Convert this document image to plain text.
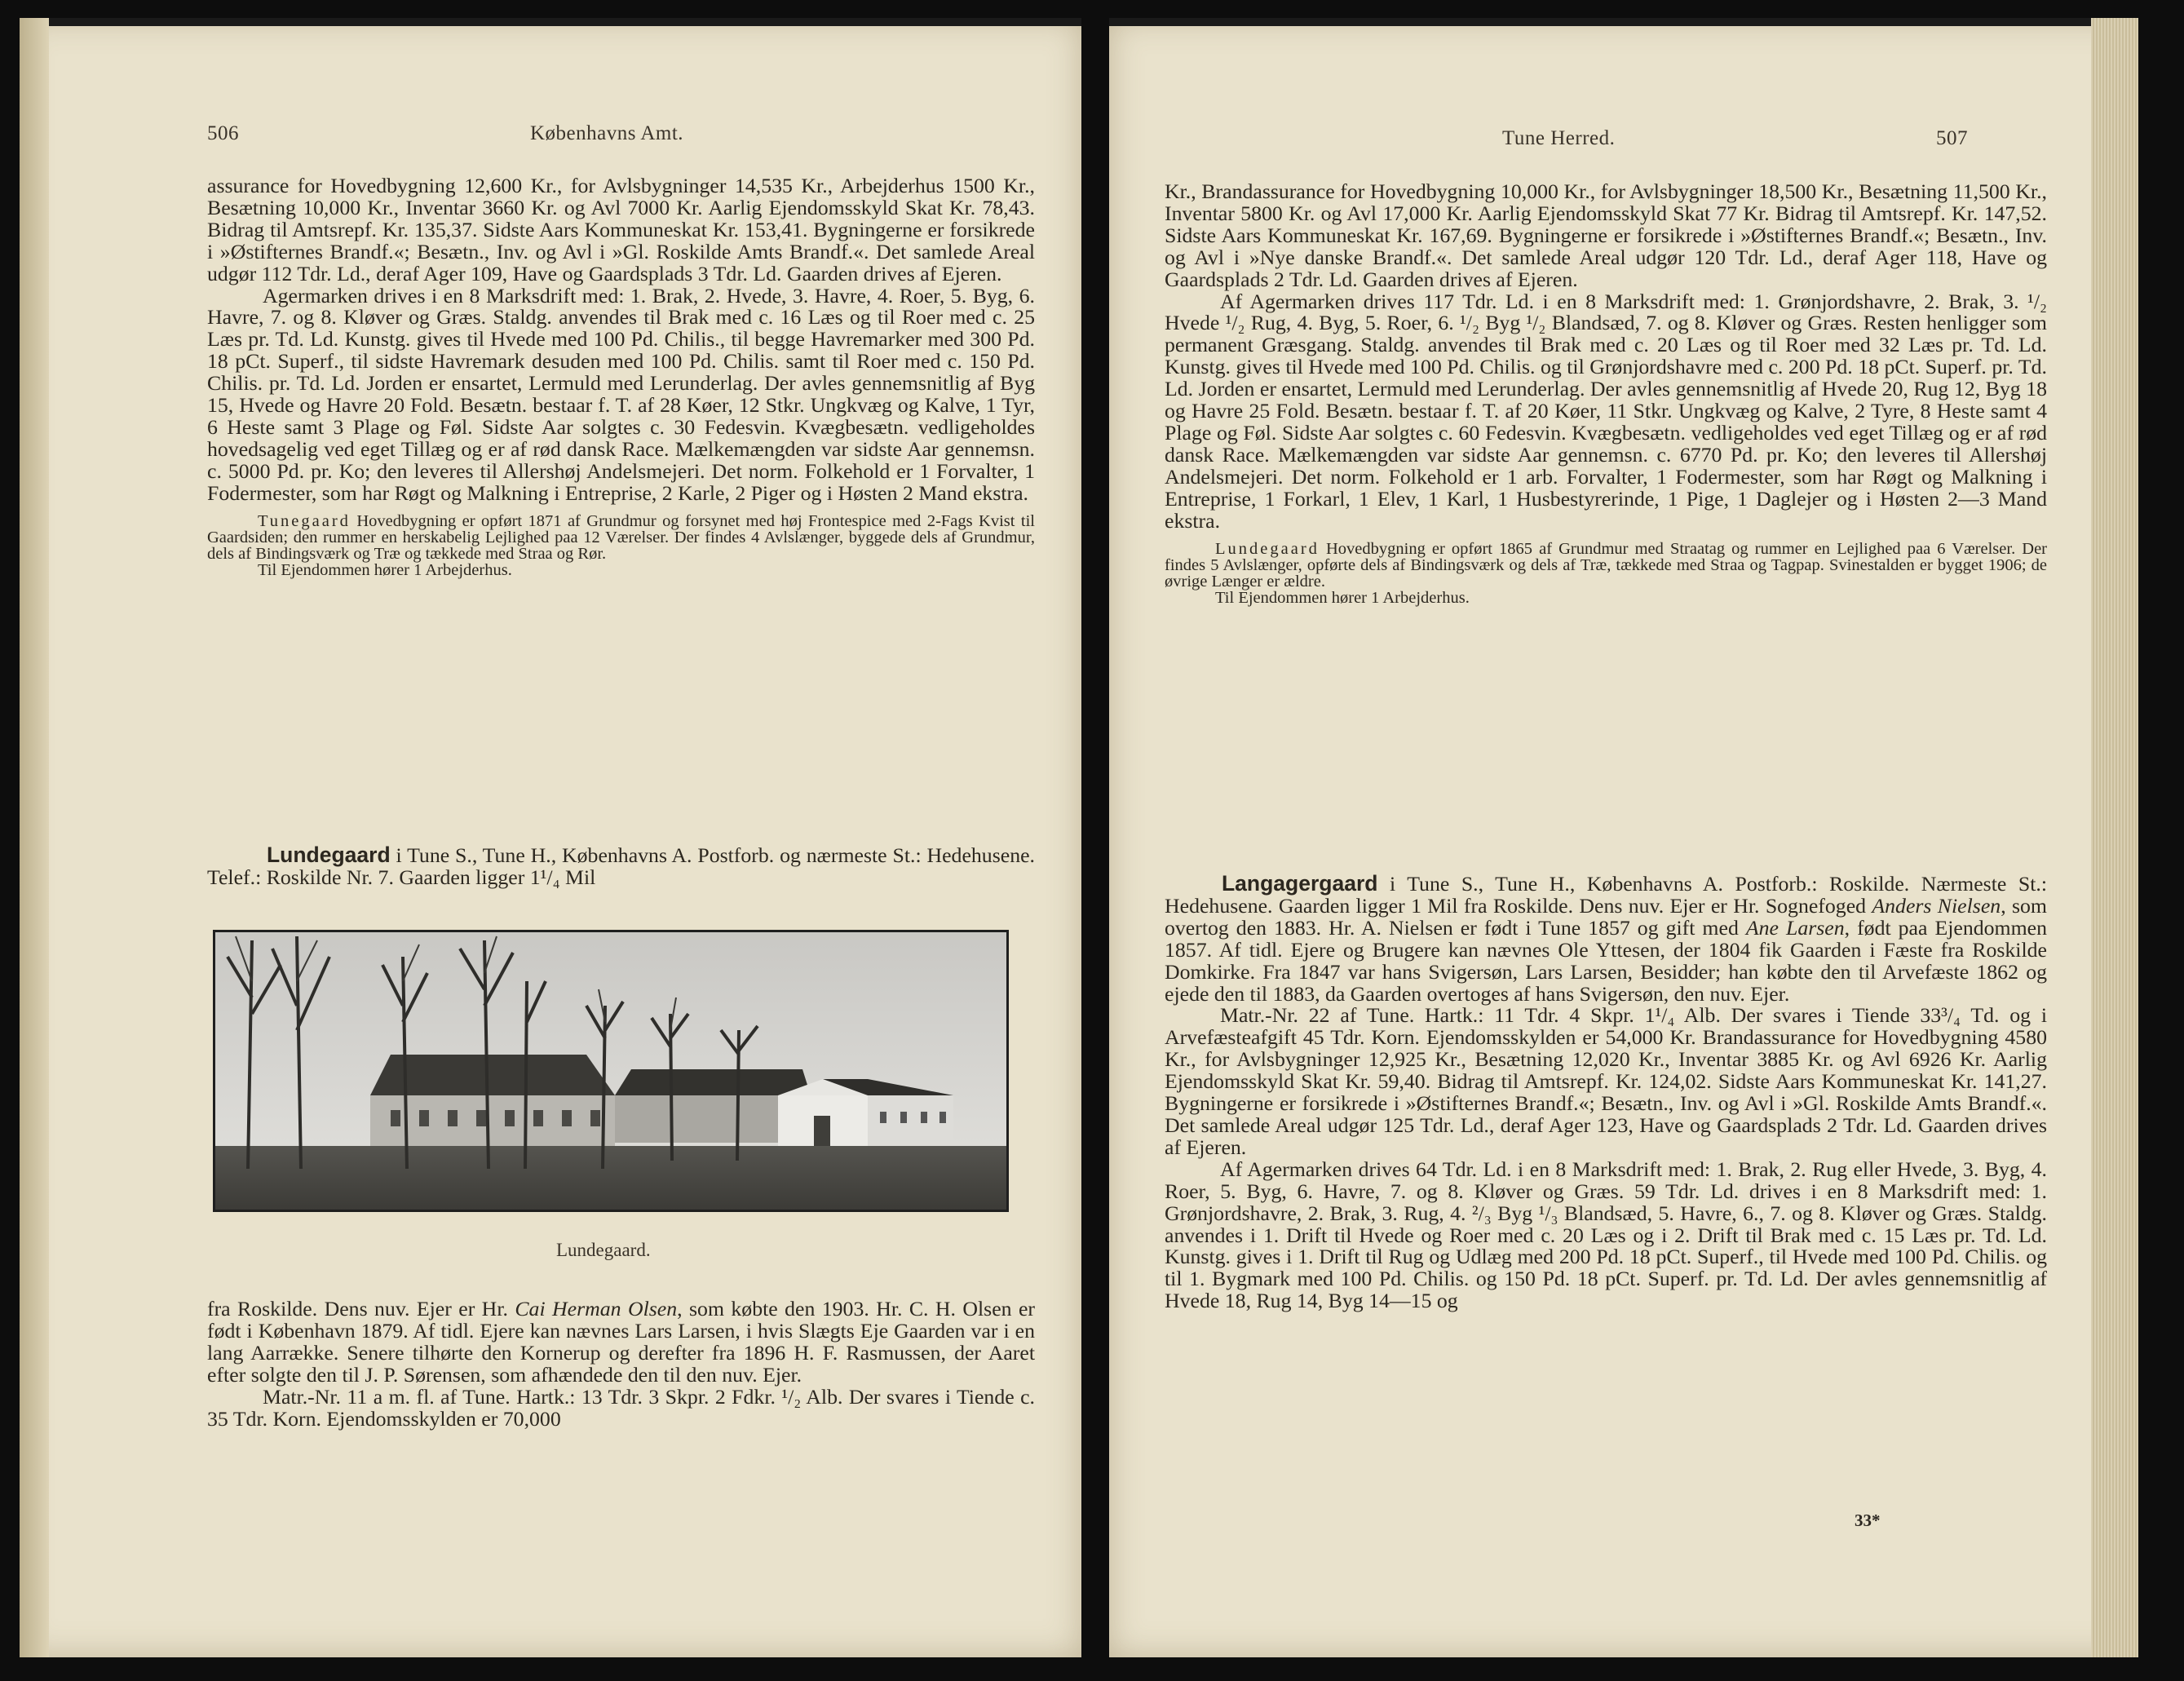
506	Københavns Amt.

assurance for Hovedbygning 12,600 Kr., for Avlsbygninger 14,535 Kr., Arbejderhus 1500 Kr., Besætning 10,000 Kr., Inventar 3660 Kr. og Avl 7000 Kr. Aarlig Ejendomsskyld Skat Kr. 78,43. Bidrag til Amtsrepf. Kr. 135,37. Sidste Aars Kommuneskat Kr. 153,41. Bygningerne er forsikrede i »Østifternes Brandf.«; Besætn., Inv. og Avl i »Gl. Roskilde Amts Brandf.«. Det samlede Areal udgør 112 Tdr. Ld., deraf Ager 109, Have og Gaardsplads 3 Tdr. Ld. Gaarden drives af Ejeren.

Agermarken drives i en 8 Marksdrift med: 1. Brak, 2. Hvede, 3. Havre, 4. Roer, 5. Byg, 6. Havre, 7. og 8. Kløver og Græs. Staldg. anvendes til Brak med c. 16 Læs og til Roer med c. 25 Læs pr. Td. Ld. Kunstg. gives til Hvede med 100 Pd. Chilis., til begge Havremarker med 300 Pd. 18 pCt. Superf., til sidste Havremark desuden med 100 Pd. Chilis. samt til Roer med c. 150 Pd. Chilis. pr. Td. Ld. Jorden er ensartet, Lermuld med Lerunderlag. Der avles gennemsnitlig af Byg 15, Hvede og Havre 20 Fold. Besætn. bestaar f. T. af 28 Køer, 12 Stkr. Ungkvæg og Kalve, 1 Tyr, 6 Heste samt 3 Plage og Føl. Sidste Aar solgtes c. 30 Fedesvin. Kvægbesætn. vedligeholdes hovedsagelig ved eget Tillæg og er af rød dansk Race. Mælkemængden var sidste Aar gennemsn. c. 5000 Pd. pr. Ko; den leveres til Allershøj Andelsmejeri. Det norm. Folkehold er 1 Forvalter, 1 Fodermester, som har Røgt og Malkning i Entreprise, 2 Karle, 2 Piger og i Høsten 2 Mand ekstra.

Tunegaard Hovedbygning er opført 1871 af Grundmur og forsynet med høj Frontespice med 2-Fags Kvist til Gaardsiden; den rummer en herskabelig Lejlighed paa 12 Værelser. Der findes 4 Avlslænger, byggede dels af Grundmur, dels af Bindingsværk og Træ og tækkede med Straa og Rør.

Til Ejendommen hører 1 Arbejderhus.

Lundegaard i Tune S., Tune H., Københavns A. Postforb. og nærmeste St.: Hedehusene. Telef.: Roskilde Nr. 7. Gaarden ligger 1¹/₄ Mil

Lundegaard.

fra Roskilde. Dens nuv. Ejer er Hr. Cai Herman Olsen, som købte den 1903. Hr. C. H. Olsen er født i København 1879. Af tidl. Ejere kan nævnes Lars Larsen, i hvis Slægts Eje Gaarden var i en lang Aarrække. Senere tilhørte den Kornerup og derefter fra 1896 H. F. Rasmussen, der Aaret efter solgte den til J. P. Sørensen, som afhændede den til den nuv. Ejer.

Matr.-Nr. 11 a m. fl. af Tune. Hartk.: 13 Tdr. 3 Skpr. 2 Fdkr. ¹/₂ Alb. Der svares i Tiende c. 35 Tdr. Korn. Ejendomsskylden er 70,000

Tune Herred.	507

Kr., Brandassurance for Hovedbygning 10,000 Kr., for Avlsbygninger 18,500 Kr., Besætning 11,500 Kr., Inventar 5800 Kr. og Avl 17,000 Kr. Aarlig Ejendomsskyld Skat 77 Kr. Bidrag til Amtsrepf. Kr. 147,52. Sidste Aars Kommuneskat Kr. 167,69. Bygningerne er forsikrede i »Østifternes Brandf.«; Besætn., Inv. og Avl i »Nye danske Brandf.«. Det samlede Areal udgør 120 Tdr. Ld., deraf Ager 118, Have og Gaardsplads 2 Tdr. Ld. Gaarden drives af Ejeren.

Af Agermarken drives 117 Tdr. Ld. i en 8 Marksdrift med: 1. Grønjordshavre, 2. Brak, 3. ¹/₂ Hvede ¹/₂ Rug, 4. Byg, 5. Roer, 6. ¹/₂ Byg ¹/₂ Blandsæd, 7. og 8. Kløver og Græs. Resten henligger som permanent Græsgang. Staldg. anvendes til Brak med c. 20 Læs og til Roer med 32 Læs pr. Td. Ld. Kunstg. gives til Hvede med 100 Pd. Chilis. og til Grønjordshavre med c. 200 Pd. 18 pCt. Superf. pr. Td. Ld. Jorden er ensartet, Lermuld med Lerunderlag. Der avles gennemsnitlig af Hvede 20, Rug 12, Byg 18 og Havre 25 Fold. Besætn. bestaar f. T. af 20 Køer, 11 Stkr. Ungkvæg og Kalve, 2 Tyre, 8 Heste samt 4 Plage og Føl. Sidste Aar solgtes c. 60 Fedesvin. Kvægbesætn. vedligeholdes ved eget Tillæg og er af rød dansk Race. Mælkemængden var sidste Aar gennemsn. c. 6770 Pd. pr. Ko; den leveres til Allershøj Andelsmejeri. Det norm. Folkehold er 1 arb. Forvalter, 1 Fodermester, som har Røgt og Malkning i Entreprise, 1 Forkarl, 1 Elev, 1 Karl, 1 Husbestyrerinde, 1 Pige, 1 Daglejer og i Høsten 2—3 Mand ekstra.

Lundegaard Hovedbygning er opført 1865 af Grundmur med Straatag og rummer en Lejlighed paa 6 Værelser. Der findes 5 Avlslænger, opførte dels af Bindingsværk og dels af Træ, tækkede med Straa og Tagpap. Svinestalden er bygget 1906; de øvrige Længer er ældre.

Til Ejendommen hører 1 Arbejderhus.

Langagergaard i Tune S., Tune H., Københavns A. Postforb.: Roskilde. Nærmeste St.: Hedehusene. Gaarden ligger 1 Mil fra Roskilde. Dens nuv. Ejer er Hr. Sognefoged Anders Nielsen, som overtog den 1883. Hr. A. Nielsen er født i Tune 1857 og gift med Ane Larsen, født paa Ejendommen 1857. Af tidl. Ejere og Brugere kan nævnes Ole Yttesen, der 1804 fik Gaarden i Fæste fra Roskilde Domkirke. Fra 1847 var hans Svigersøn, Lars Larsen, Besidder; han købte den til Arvefæste 1862 og ejede den til 1883, da Gaarden overtoges af hans Svigersøn, den nuv. Ejer.

Matr.-Nr. 22 af Tune. Hartk.: 11 Tdr. 4 Skpr. 1¹/₄ Alb. Der svares i Tiende 33³/₄ Td. og i Arvefæsteafgift 45 Tdr. Korn. Ejendomsskylden er 54,000 Kr. Brandassurance for Hovedbygning 4580 Kr., for Avlsbygninger 12,925 Kr., Besætning 12,020 Kr., Inventar 3885 Kr. og Avl 6926 Kr. Aarlig Ejendomsskyld Skat Kr. 59,40. Bidrag til Amtsrepf. Kr. 124,02. Sidste Aars Kommuneskat Kr. 141,27. Bygningerne er forsikrede i »Østifternes Brandf.«; Besætn., Inv. og Avl i »Gl. Roskilde Amts Brandf.«. Det samlede Areal udgør 125 Tdr. Ld., deraf Ager 123, Have og Gaardsplads 2 Tdr. Ld. Gaarden drives af Ejeren.

Af Agermarken drives 64 Tdr. Ld. i en 8 Marksdrift med: 1. Brak, 2. Rug eller Hvede, 3. Byg, 4. Roer, 5. Byg, 6. Havre, 7. og 8. Kløver og Græs. 59 Tdr. Ld. drives i en 8 Marksdrift med: 1. Grønjordshavre, 2. Brak, 3. Rug, 4. ²/₃ Byg ¹/₃ Blandsæd, 5. Havre, 6., 7. og 8. Kløver og Græs. Staldg. anvendes i 1. Drift til Hvede og Roer med c. 20 Læs og i 2. Drift til Brak med c. 15 Læs pr. Td. Ld. Kunstg. gives i 1. Drift til Rug og Udlæg med 200 Pd. 18 pCt. Superf., til Hvede med 100 Pd. Chilis. og til 1. Bygmark med 100 Pd. Chilis. og 150 Pd. 18 pCt. Superf. pr. Td. Ld. Der avles gennemsnitlig af Hvede 18, Rug 14, Byg 14—15 og

33*
